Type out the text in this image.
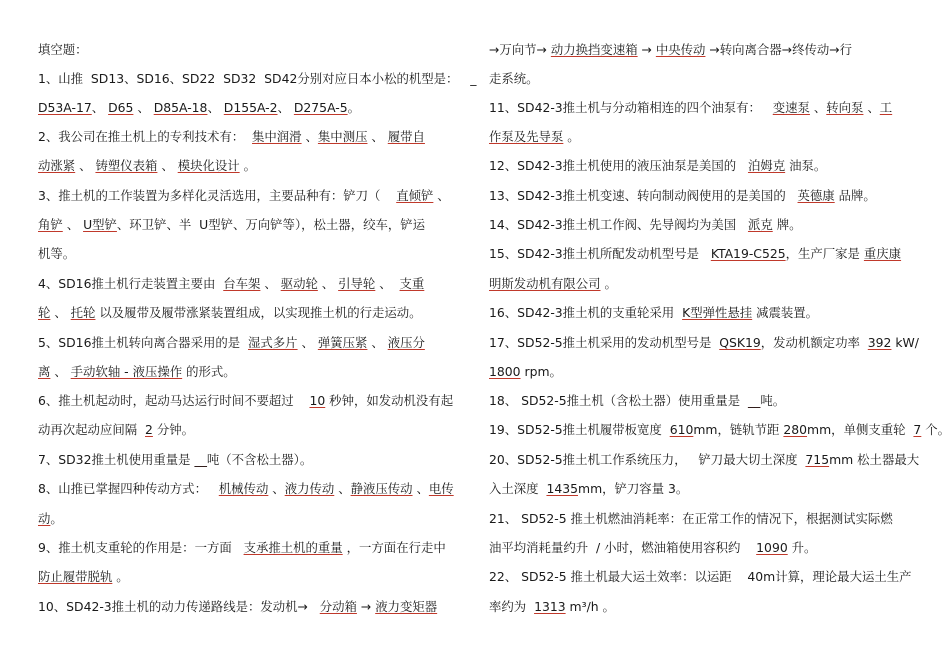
填空题：
1、山推  SD13、SD16、SD22  SD32  SD42分别对应日本小松的机型是：   _
D53A-17、 D65 、 D85A-18、 D155A-2、 D275A-5。
2、我公司在推土机上的专利技术有：  集中润滑 、集中测压 、 履带自
动涨紧 、 铸塑仪表箱 、 模块化设计 。
3、推土机的工作装置为多样化灵活选用，主要品种有：铲刀（    直倾铲 、
角铲 、 U型铲、环卫铲、半  U型铲、万向铲等），松土器，绞车，铲运
机等。
4、SD16推土机行走装置主要由  台车架 、 驱动轮 、 引导轮 、  支重
轮 、 托轮 以及履带及履带涨紧装置组成，以实现推土机的行走运动。
5、SD16推土机转向离合器采用的是  湿式多片 、 弹簧压紧 、 液压分
离 、 手动软轴 - 液压操作 的形式。
6、推土机起动时，起动马达运行时间不要超过    10 秒钟，如发动机没有起
动再次起动应间隔  2 分钟。
7、SD32推土机使用重量是 __吨（不含松土器）。
8、山推已掌握四种传动方式：   机械传动 、液力传动 、静液压传动 、电传
动。
9、推土机支重轮的作用是：一方面   支承推土机的重量 ，一方面在行走中
防止履带脱轨 。
10、SD42-3推土机的动力传递路线是：发动机→   分动箱 → 液力变矩器
→万向节→ 动力换挡变速箱 → 中央传动 →转向离合器→终传动→行
走系统。
11、SD42-3推土机与分动箱相连的四个油泵有：   变速泵 、转向泵 、工
作泵及先导泵 。
12、SD42-3推土机使用的液压油泵是美国的   泊姆克 油泵。
13、SD42-3推土机变速、转向制动阀使用的是美国的   英德康 品牌。
14、SD42-3推土机工作阀、先导阀均为美国   派克 牌。
15、SD42-3推土机所配发动机型号是   KTA19-C525，生产厂家是 重庆康
明斯发动机有限公司 。
16、SD42-3推土机的支重轮采用  K型弹性悬挂 减震装置。
17、SD52-5推土机采用的发动机型号是  QSK19，发动机额定功率  392 kW/
1800 rpm。
18、 SD52-5推土机（含松土器）使用重量是  __吨。
19、SD52-5推土机履带板宽度  610mm，链轨节距 280mm，单侧支重轮  7 个。
20、SD52-5推土机工作系统压力，   铲刀最大切土深度  715mm 松土器最大
入土深度  1435mm，铲刀容量 3。
21、 SD52-5 推土机燃油消耗率：在正常工作的情况下，根据测试实际燃
油平均消耗量约升  / 小时，燃油箱使用容积约    1090 升。
22、 SD52-5 推土机最大运土效率：以运距    40m计算，理论最大运土生产
率约为  1313 m³/h 。
